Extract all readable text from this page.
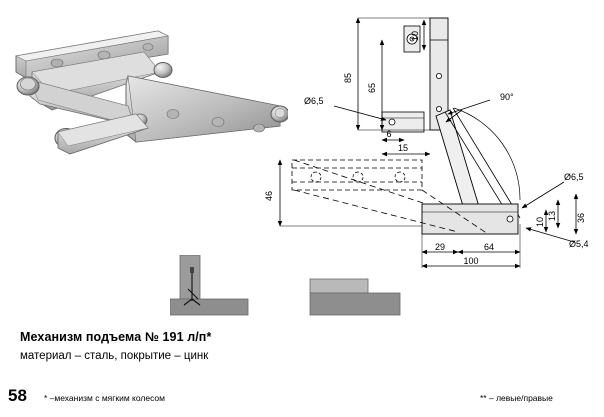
85
65
10
Ø6,5
6
15
46
90°
Ø6,5
10
13 36
Ø5,4
29	64
100

Механизм подъема № 191 л/п*

материал – сталь, покрытие – цинк

58 * –механизм с мягким колесом	** – левые/правые
